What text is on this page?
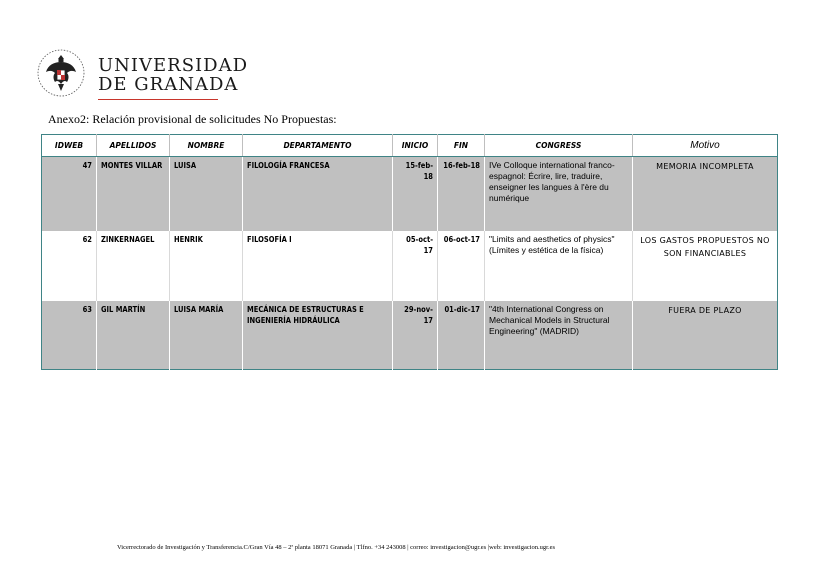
UNIVERSIDAD
DE GRANADA
Anexo2: Relación provisional de solicitudes No Propuestas:
IDWEB	APELLIDOS	NOMBRE	DEPARTAMENTO	INICIO	FIN	CONGRESS	Motivo
47	MONTES VILLAR	LUISA	FILOLOGÍA FRANCESA	15-feb-18	16-feb-18	IVe Colloque international franco-espagnol: Écrire, lire, traduire, enseigner les langues à l'ère du numérique	MEMORIA INCOMPLETA
62	ZINKERNAGEL	HENRIK	FILOSOFÍA I	05-oct-17	06-oct-17	"Limits and aesthetics of physics" (Límites y estética de la física)	LOS GASTOS PROPUESTOS NO SON FINANCIABLES
63	GIL MARTÍN	LUISA MARÍA	MECÁNICA DE ESTRUCTURAS E INGENIERÍA HIDRÁULICA	29-nov-17	01-dic-17	"4th International Congress on Mechanical Models in Structural Engineering" (MADRID)	FUERA DE PLAZO
Vicerrectorado de Investigación y Transferencia.C/Gran Vía 48 – 2ª planta 18071 Granada | Tlfno. +34 243008 | correo: investigacion@ugr.es |web: investigacion.ugr.es
